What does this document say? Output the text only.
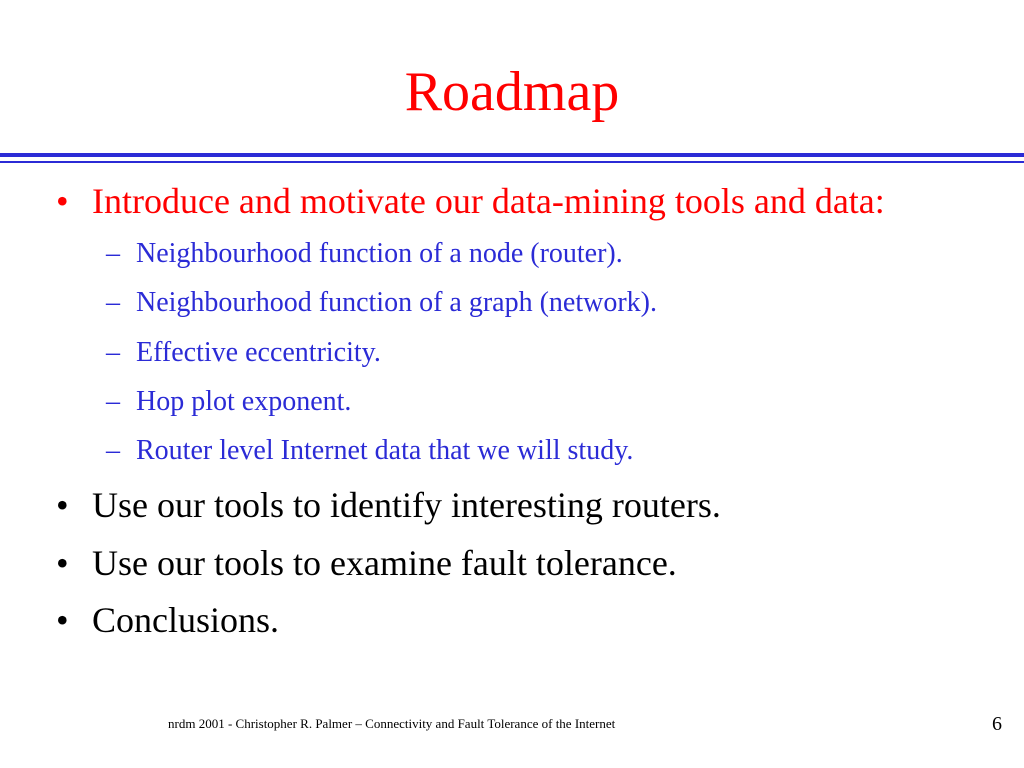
Roadmap
• Introduce and motivate our data-mining tools and data:
– Neighbourhood function of a node (router).
– Neighbourhood function of a graph (network).
– Effective eccentricity.
– Hop plot exponent.
– Router level Internet data that we will study.
• Use our tools to identify interesting routers.
• Use our tools to examine fault tolerance.
• Conclusions.
nrdm 2001 - Christopher R. Palmer – Connectivity and Fault Tolerance of the Internet	6
